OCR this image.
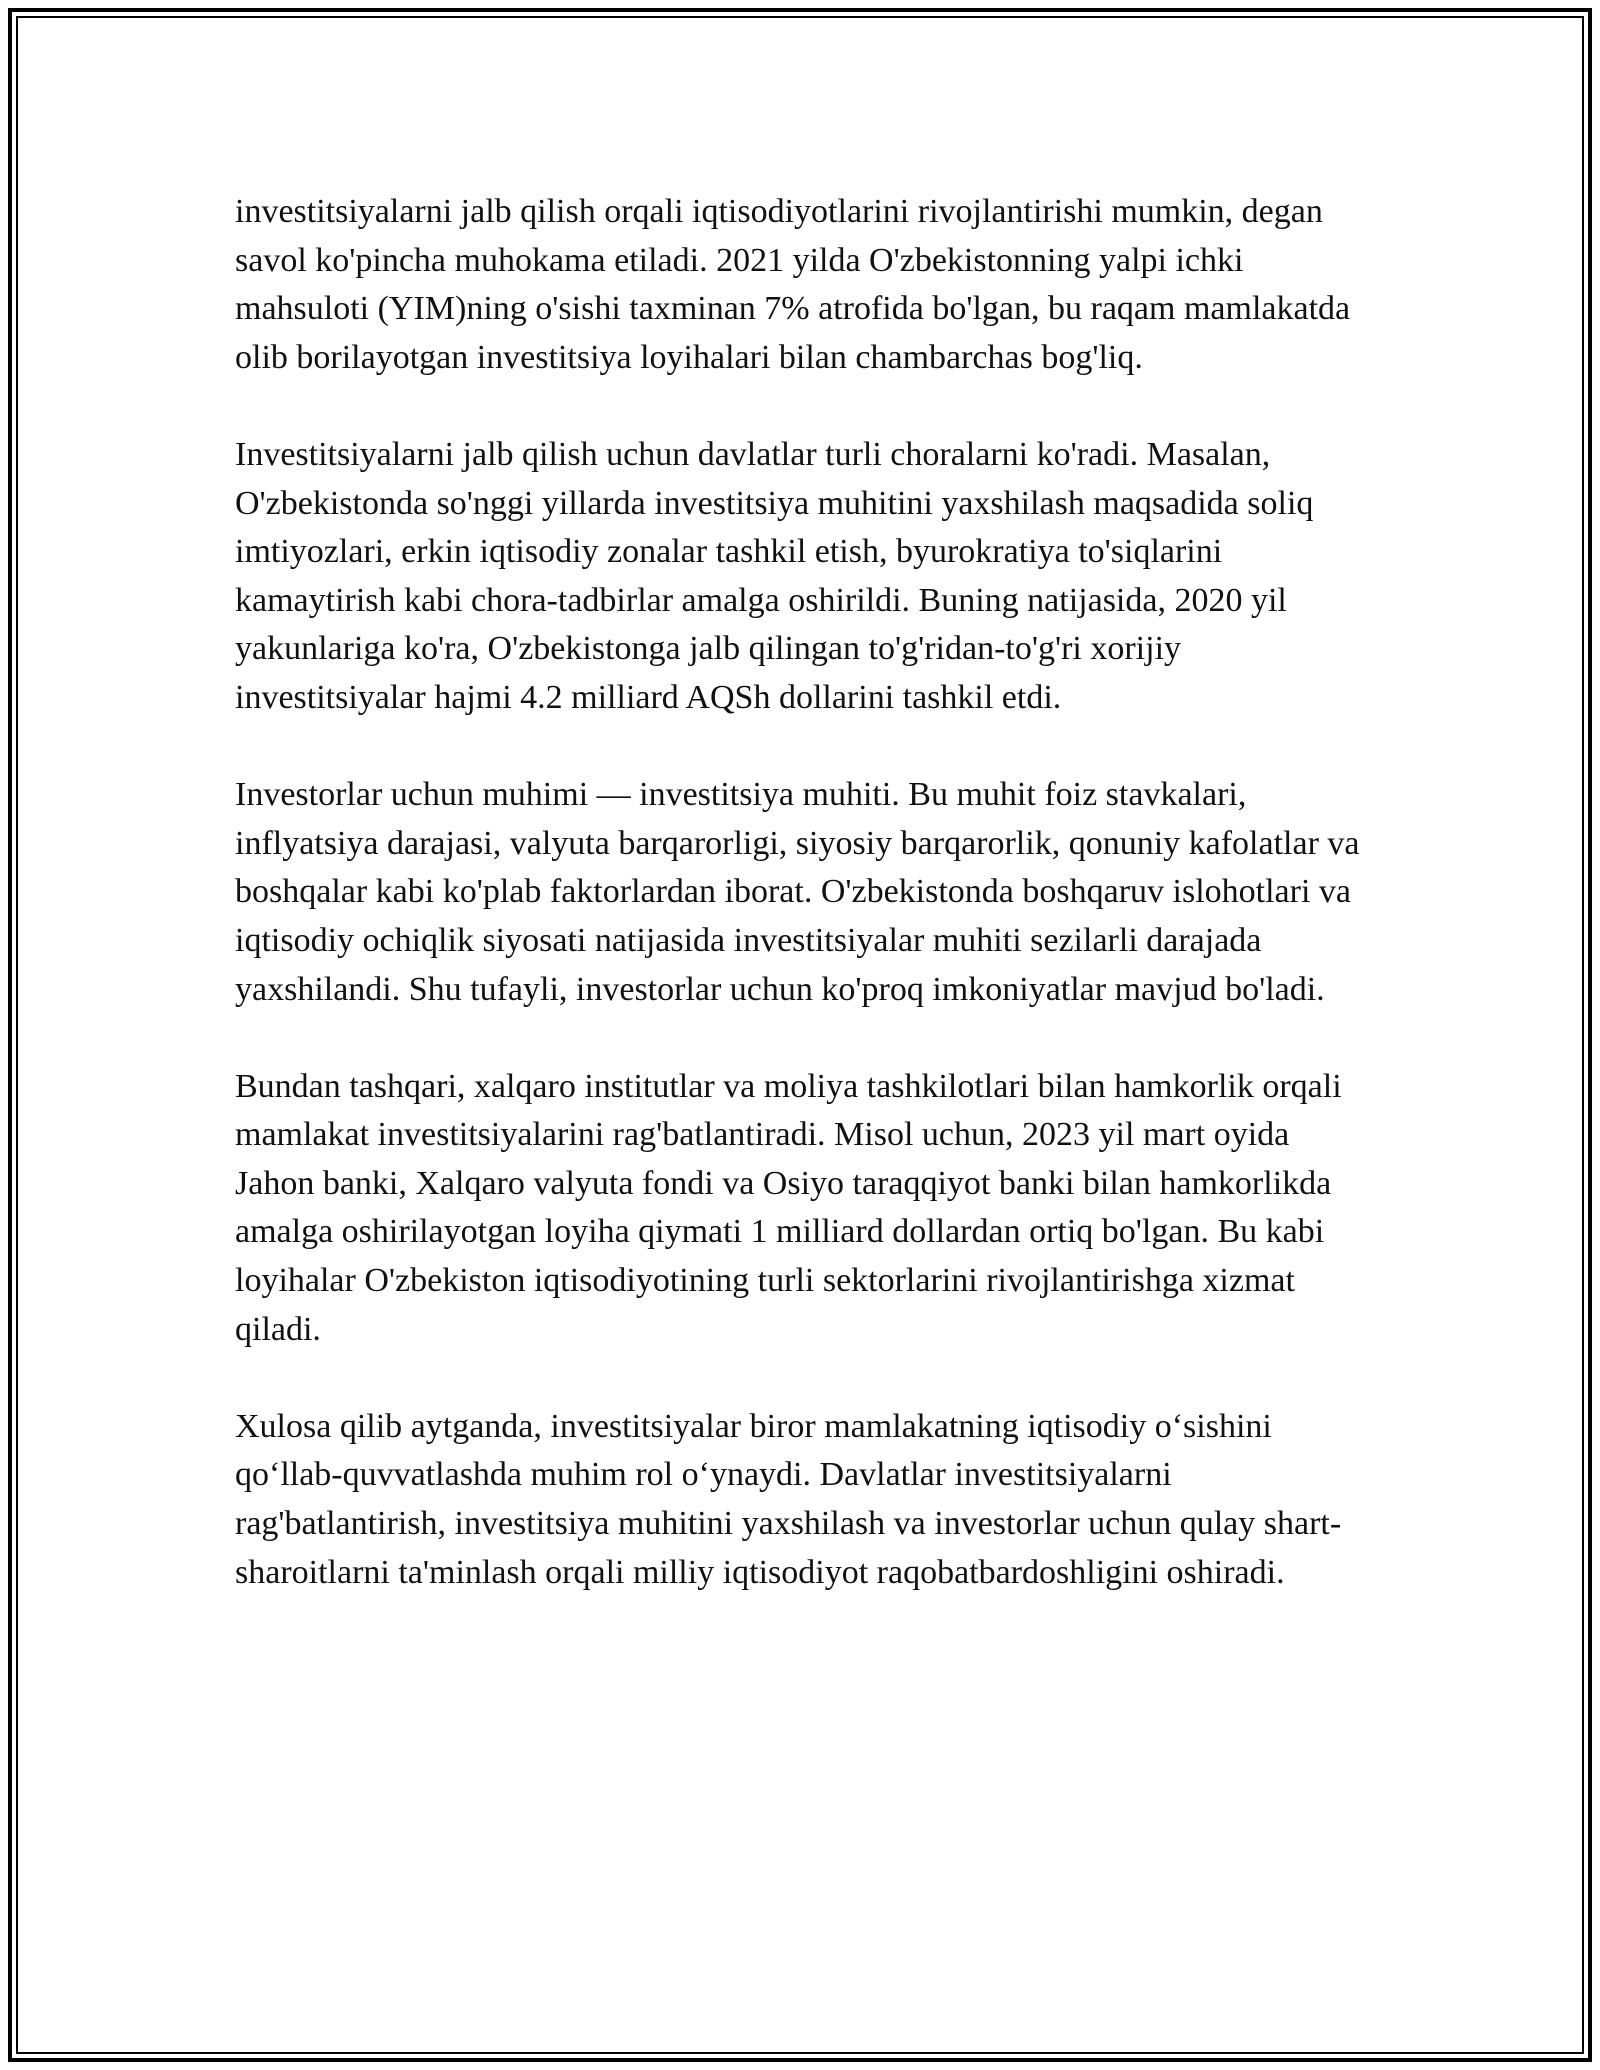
investitsiyalarni jalb qilish orqali iqtisodiyotlarini rivojlantirishi mumkin, degan savol ko'pincha muhokama etiladi. 2021 yilda O'zbekistonning yalpi ichki mahsuloti (YIM)ning o'sishi taxminan 7% atrofida bo'lgan, bu raqam mamlakatda olib borilayotgan investitsiya loyihalari bilan chambarchas bog'liq.

Investitsiyalarni jalb qilish uchun davlatlar turli choralarni ko'radi. Masalan, O'zbekistonda so'nggi yillarda investitsiya muhitini yaxshilash maqsadida soliq imtiyozlari, erkin iqtisodiy zonalar tashkil etish, byurokratiya to'siqlarini kamaytirish kabi chora-tadbirlar amalga oshirildi. Buning natijasida, 2020 yil yakunlariga ko'ra, O'zbekistonga jalb qilingan to'g'ridan-to'g'ri xorijiy investitsiyalar hajmi 4.2 milliard AQSh dollarini tashkil etdi.

Investorlar uchun muhimi — investitsiya muhiti. Bu muhit foiz stavkalari, inflyatsiya darajasi, valyuta barqarorligi, siyosiy barqarorlik, qonuniy kafolatlar va boshqalar kabi ko'plab faktorlardan iborat. O'zbekistonda boshqaruv islohotlari va iqtisodiy ochiqlik siyosati natijasida investitsiyalar muhiti sezilarli darajada yaxshilandi. Shu tufayli, investorlar uchun ko'proq imkoniyatlar mavjud bo'ladi.

Bundan tashqari, xalqaro institutlar va moliya tashkilotlari bilan hamkorlik orqali mamlakat investitsiyalarini rag'batlantiradi. Misol uchun, 2023 yil mart oyida Jahon banki, Xalqaro valyuta fondi va Osiyo taraqqiyot banki bilan hamkorlikda amalga oshirilayotgan loyiha qiymati 1 milliard dollardan ortiq bo'lgan. Bu kabi loyihalar O'zbekiston iqtisodiyotining turli sektorlarini rivojlantirishga xizmat qiladi.

Xulosa qilib aytganda, investitsiyalar biror mamlakatning iqtisodiy o‘sishini qo‘llab-quvvatlashda muhim rol o‘ynaydi. Davlatlar investitsiyalarni rag'batlantirish, investitsiya muhitini yaxshilash va investorlar uchun qulay shart-sharoitlarni ta'minlash orqali milliy iqtisodiyot raqobatbardoshligini oshiradi.
